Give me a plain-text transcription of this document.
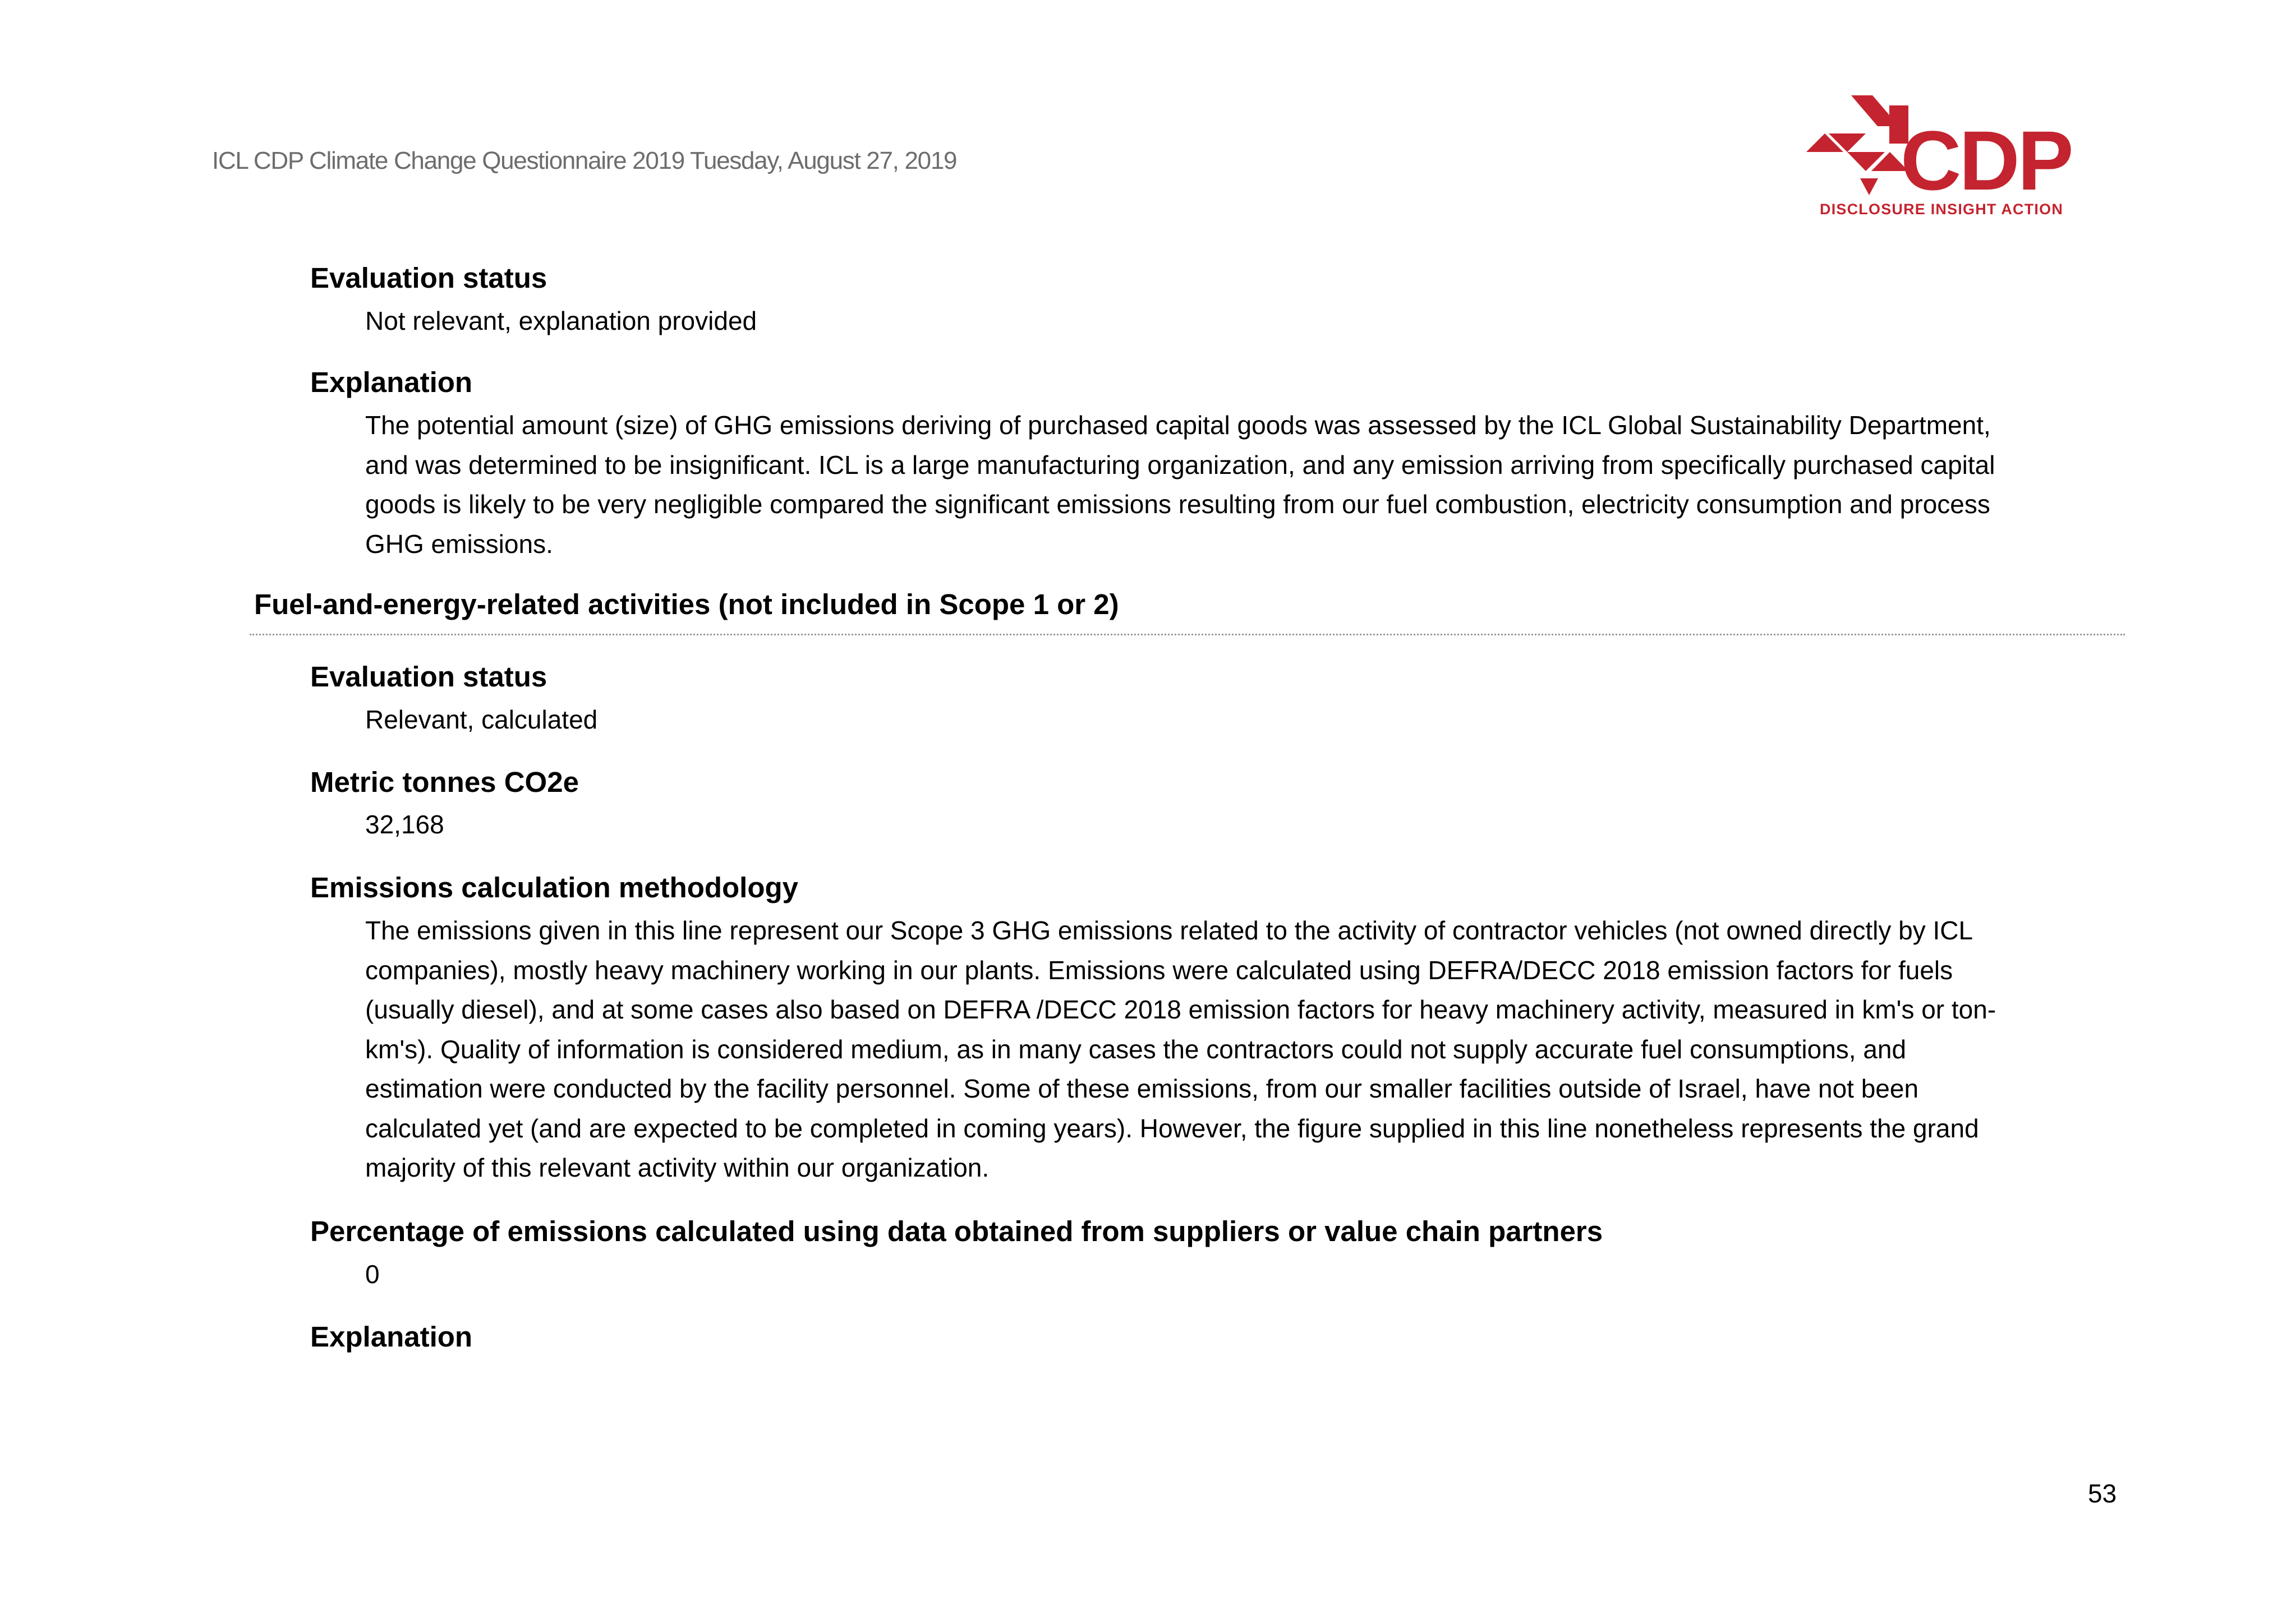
ICL CDP Climate Change Questionnaire 2019 Tuesday, August 27, 2019	CDP
DISCLOSURE INSIGHT ACTION
Evaluation status
Not relevant, explanation provided
Explanation
The potential amount (size) of GHG emissions deriving of purchased capital goods was assessed by the ICL Global Sustainability Department,
and was determined to be insignificant. ICL is a large manufacturing organization, and any emission arriving from specifically purchased capital
goods is likely to be very negligible compared the significant emissions resulting from our fuel combustion, electricity consumption and process
GHG emissions.
Fuel-and-energy-related activities (not included in Scope 1 or 2)
Evaluation status
Relevant, calculated
Metric tonnes CO2e
32,168
Emissions calculation methodology
The emissions given in this line represent our Scope 3 GHG emissions related to the activity of contractor vehicles (not owned directly by ICL
companies), mostly heavy machinery working in our plants. Emissions were calculated using DEFRA/DECC 2018 emission factors for fuels
(usually diesel), and at some cases also based on DEFRA /DECC 2018 emission factors for heavy machinery activity, measured in km's or ton-
km's). Quality of information is considered medium, as in many cases the contractors could not supply accurate fuel consumptions, and
estimation were conducted by the facility personnel. Some of these emissions, from our smaller facilities outside of Israel, have not been
calculated yet (and are expected to be completed in coming years). However, the figure supplied in this line nonetheless represents the grand
majority of this relevant activity within our organization.
Percentage of emissions calculated using data obtained from suppliers or value chain partners
0
Explanation
53
